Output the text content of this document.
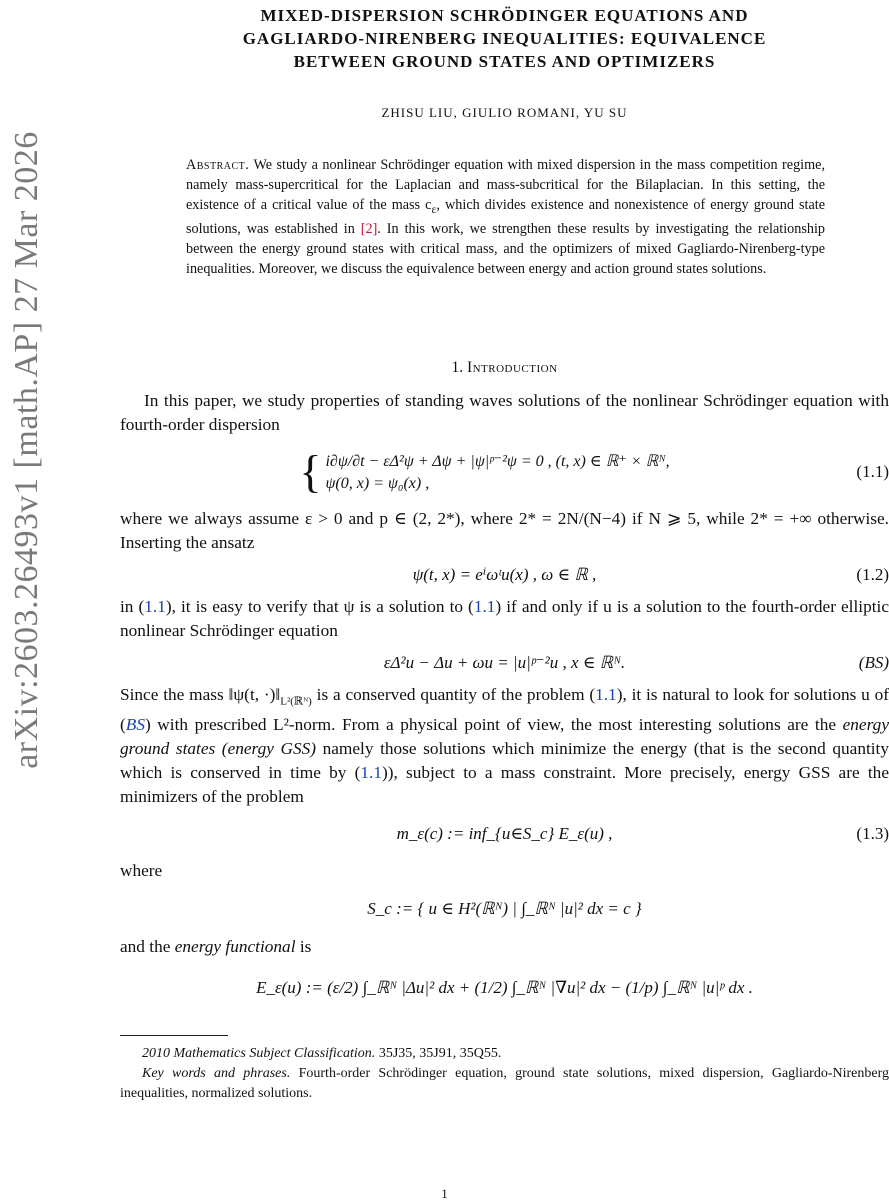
arXiv:2603.26493v1 [math.AP] 27 Mar 2026
MIXED-DISPERSION SCHRÖDINGER EQUATIONS AND
GAGLIARDO-NIRENBERG INEQUALITIES: EQUIVALENCE
BETWEEN GROUND STATES AND OPTIMIZERS
ZHISU LIU, GIULIO ROMANI, YU SU
Abstract. We study a nonlinear Schrödinger equation with mixed dispersion in the mass competition regime, namely mass-supercritical for the Laplacian and mass-subcritical for the Bilaplacian. In this setting, the existence of a critical value of the mass $c_\varepsilon$, which divides existence and nonexistence of energy ground state solutions, was established in [2]. In this work, we strengthen these results by investigating the relationship between the energy ground states with critical mass, and the optimizers of mixed Gagliardo-Nirenberg-type inequalities. Moreover, we discuss the equivalence between energy and action ground states solutions.
1. Introduction

In this paper, we study properties of standing waves solutions of the nonlinear Schrödinger equation with fourth-order dispersion

{ i∂ψ/∂t − εΔ²ψ + Δψ + |ψ|ᵖ⁻²ψ = 0 , (t, x) ∈ ℝ⁺ × ℝᴺ,
ψ(0, x) = ψ₀(x) ,
(1.1)

where we always assume ε > 0 and p ∈ (2, 2*), where 2* = 2N/(N−4) if N ⩾ 5, while 2* = +∞ otherwise. Inserting the ansatz

ψ(t, x) = eⁱωᵗu(x) , ω ∈ ℝ ,	(1.2)

in (1.1), it is easy to verify that ψ is a solution to (1.1) if and only if u is a solution to the fourth-order elliptic nonlinear Schrödinger equation

εΔ²u − Δu + ωu = |u|ᵖ⁻²u , x ∈ ℝᴺ.	(BS)

Since the mass ‖ψ(t, $\cdot)‖_{L^2(ℝᴺ)}$ is a conserved quantity of the problem (1.1), it is natural to look for solutions u of (BS) with prescribed L²-norm. From a physical point of view, the most interesting solutions are the energy ground states (energy GSS) namely those solutions which minimize the energy (that is the second quantity which is conserved in time by (1.1)), subject to a mass constraint. More precisely, energy GSS are the minimizers of the problem

m_ε(c) := inf_{u∈S_c} E_ε(u) ,	(1.3)

where

S_c := { u ∈ H²(ℝᴺ) | ∫_ℝᴺ |u|² dx = c }

and the energy functional is

E_ε(u) := (ε/2) ∫_ℝᴺ |Δu|² dx + (1/2) ∫_ℝᴺ |∇u|² dx − (1/p) ∫_ℝᴺ |u|ᵖ dx .

2010 Mathematics Subject Classification. 35J35, 35J91, 35Q55.

Key words and phrases. Fourth-order Schrödinger equation, ground state solutions, mixed dispersion, Gagliardo-Nirenberg inequalities, normalized solutions.

1
